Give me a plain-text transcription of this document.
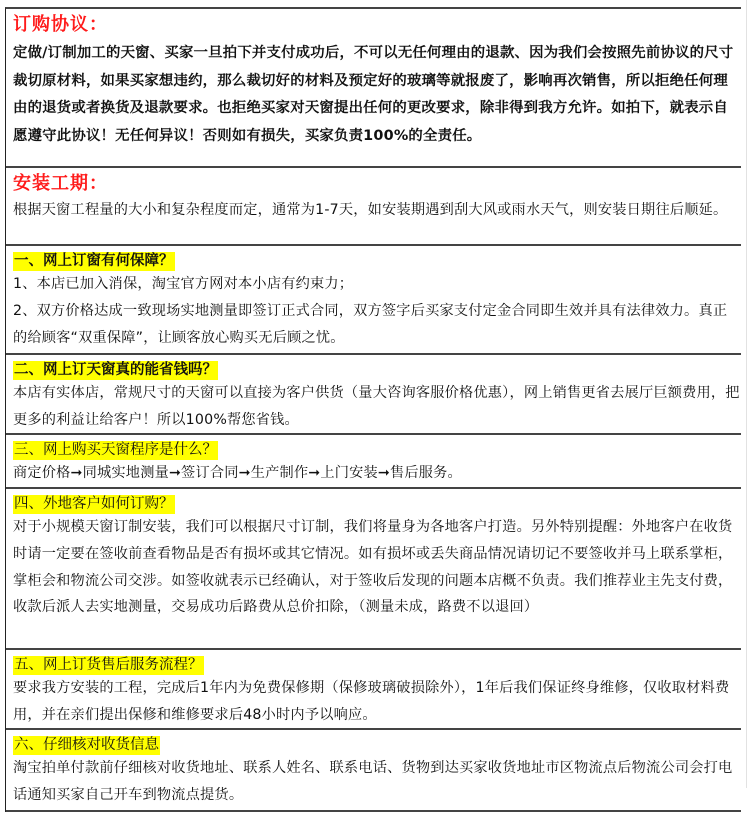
订购协议：

定做/订制加工的天窗、买家一旦拍下并支付成功后，不可以无任何理由的退款、因为我们会按照先前协议的尺寸裁切原材料，如果买家想违约，那么裁切好的材料及预定好的玻璃等就报废了，影响再次销售，所以拒绝任何理由的退货或者换货及退款要求。也拒绝买家对天窗提出任何的更改要求，除非得到我方允许。如拍下，就表示自愿遵守此协议！无任何异议！否则如有损失，买家负责100%的全责任。

安装工期：

根据天窗工程量的大小和复杂程度而定，通常为1-7天，如安装期遇到刮大风或雨水天气，则安装日期往后顺延。

一、网上订窗有何保障？

1、本店已加入消保，淘宝官方网对本小店有约束力；

2、双方价格达成一致现场实地测量即签订正式合同，双方签字后买家支付定金合同即生效并具有法律效力。真正的给顾客“双重保障”，让顾客放心购买无后顾之忧。

二、网上订天窗真的能省钱吗？

本店有实体店，常规尺寸的天窗可以直接为客户供货（量大咨询客服价格优惠），网上销售更省去展厅巨额费用，把更多的利益让给客户！所以100%帮您省钱。

三、网上购买天窗程序是什么？

商定价格➞同城实地测量➞签订合同➞生产制作➞上门安装➞售后服务。

四、外地客户如何订购？

对于小规模天窗订制安装，我们可以根据尺寸订制，我们将量身为各地客户打造。另外特别提醒：外地客户在收货时请一定要在签收前查看物品是否有损坏或其它情况。如有损坏或丢失商品情况请切记不要签收并马上联系掌柜，掌柜会和物流公司交涉。如签收就表示已经确认，对于签收后发现的问题本店概不负责。我们推荐业主先支付费，收款后派人去实地测量，交易成功后路费从总价扣除，（测量未成，路费不以退回）

五、网上订货售后服务流程？

要求我方安装的工程，完成后1年内为免费保修期（保修玻璃破损除外），1年后我们保证终身维修，仅收取材料费用，并在亲们提出保修和维修要求后48小时内予以响应。

六、仔细核对收货信息

淘宝拍单付款前仔细核对收货地址、联系人姓名、联系电话、货物到达买家收货地址市区物流点后物流公司会打电话通知买家自己开车到物流点提货。
